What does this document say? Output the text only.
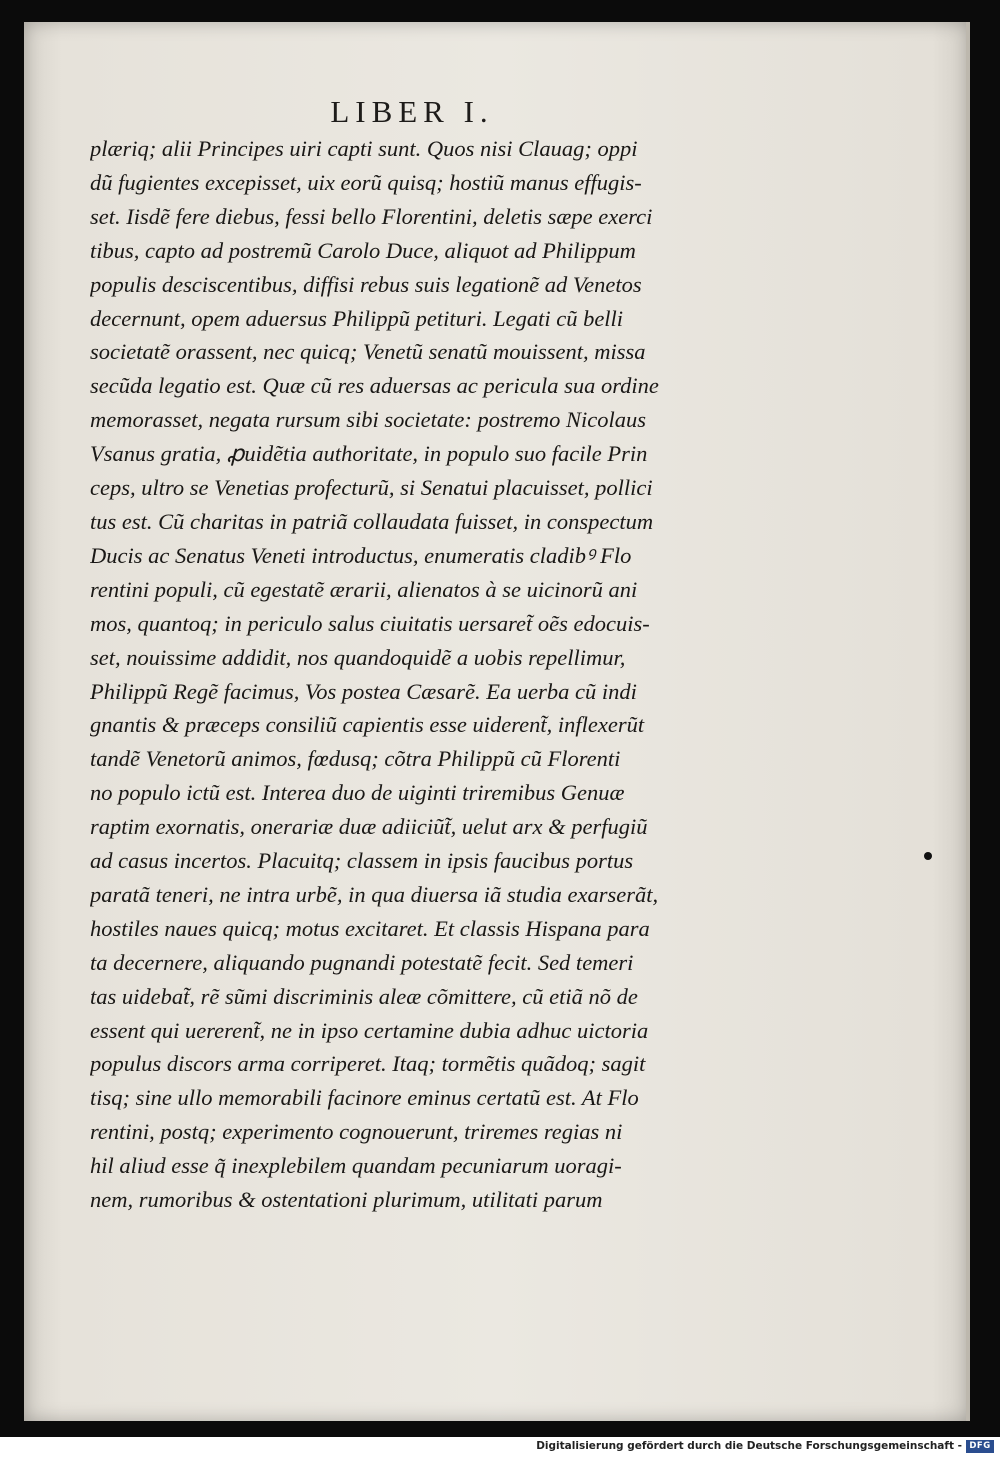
LIBER I.
plæriq; alii Principes uiri capti sunt. Quos nisi Clauag; oppi
dũ fugientes excepisset, uix eorũ quisq; hostiũ manus effugis-
set. Iisdẽ fere diebus, fessi bello Florentini, deletis sæpe exerci
tibus, capto ad postremũ Carolo Duce, aliquot ad Philippum
populis desciscentibus, diffisi rebus suis legationẽ ad Venetos
decernunt, opem aduersus Philippũ petituri. Legati cũ belli
societatẽ orassent, nec quicq; Venetũ senatũ mouissent, missa
secũda legatio est. Quæ cũ res aduersas ac pericula sua ordine
memorasset, negata rursum sibi societate: postremo Nicolaus
Vsanus gratia, ꝓuidẽtia authoritate, in populo suo facile Prin
ceps, ultro se Venetias profecturũ, si Senatui placuisset, pollici
tus est. Cũ charitas in patriã collaudata fuisset, in conspectum
Ducis ac Senatus Veneti introductus, enumeratis cladibꝰ Flo
rentini populi, cũ egestatẽ ærarii, alienatos à se uicinorũ ani
mos, quantoq; in periculo salus ciuitatis uersaret͂ oẽs edocuis-
set, nouissime addidit, nos quandoquidẽ a uobis repellimur,
Philippũ Regẽ facimus, Vos postea Cæsarẽ. Ea uerba cũ indi
gnantis & præceps consiliũ capientis esse uiderent͂, inflexerũt
tandẽ Venetorũ animos, fœdusq; cõtra Philippũ cũ Florenti
no populo ictũ est. Interea duo de uiginti triremibus Genuæ
raptim exornatis, onerariæ duæ adiiciũt͂, uelut arx & perfugiũ
ad casus incertos. Placuitq; classem in ipsis faucibus portus
paratã teneri, ne intra urbẽ, in qua diuersa iã studia exarserãt,
hostiles naues quicq; motus excitaret. Et classis Hispana para
ta decernere, aliquando pugnandi potestatẽ fecit. Sed temeri
tas uidebat͂, rẽ sũmi discriminis aleæ cõmittere, cũ etiã nõ de
essent qui uererent͂, ne in ipso certamine dubia adhuc uictoria
populus discors arma corriperet. Itaq; tormẽtis quãdoq; sagit
tisq; sine ullo memorabili facinore eminus certatũ est. At Flo
rentini, postq; experimento cognouerunt, triremes regias ni
hil aliud esse q̃ inexplebilem quandam pecuniarum uoragi-
nem, rumoribus & ostentationi plurimum, utilitati parum
Digitalisierung gefördert durch die Deutsche Forschungsgemeinschaft - DFG
